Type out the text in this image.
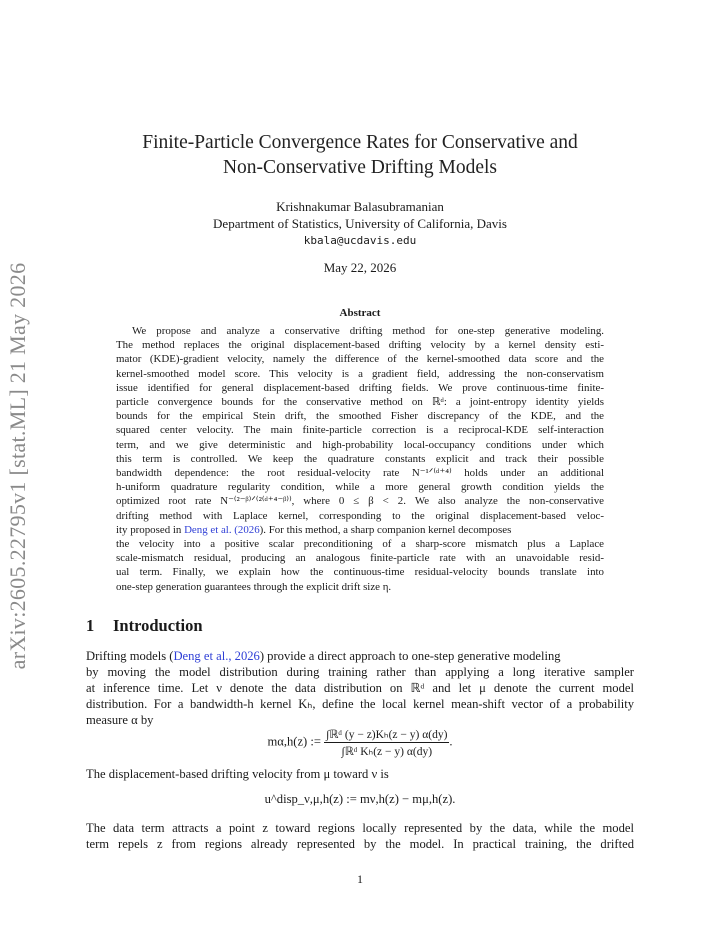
arXiv:2605.22795v1 [stat.ML] 21 May 2026
Finite-Particle Convergence Rates for Conservative and
Non-Conservative Drifting Models
Krishnakumar Balasubramanian
Department of Statistics, University of California, Davis
kbala@ucdavis.edu
May 22, 2026
Abstract
We propose and analyze a conservative drifting method for one-step generative modeling.
The method replaces the original displacement-based drifting velocity by a kernel density esti-
mator (KDE)-gradient velocity, namely the difference of the kernel-smoothed data score and the
kernel-smoothed model score. This velocity is a gradient field, addressing the non-conservatism
issue identified for general displacement-based drifting fields. We prove continuous-time finite-
particle convergence bounds for the conservative method on ℝᵈ: a joint-entropy identity yields
bounds for the empirical Stein drift, the smoothed Fisher discrepancy of the KDE, and the
squared center velocity. The main finite-particle correction is a reciprocal-KDE self-interaction
term, and we give deterministic and high-probability local-occupancy conditions under which
this term is controlled. We keep the quadrature constants explicit and track their possible
bandwidth dependence: the root residual-velocity rate N⁻¹ᐟ⁽ᵈ⁺⁴⁾ holds under an additional
h-uniform quadrature regularity condition, while a more general growth condition yields the
optimized root rate N⁻⁽²⁻ᵝ⁾ᐟ⁽²⁽ᵈ⁺⁴⁻ᵝ⁾⁾, where 0 ≤ β < 2. We also analyze the non-conservative
drifting method with Laplace kernel, corresponding to the original displacement-based veloc-
ity proposed in Deng et al. (2026). For this method, a sharp companion kernel decomposes
the velocity into a positive scalar preconditioning of a sharp-score mismatch plus a Laplace
scale-mismatch residual, producing an analogous finite-particle rate with an unavoidable resid-
ual term. Finally, we explain how the continuous-time residual-velocity bounds translate into
one-step generation guarantees through the explicit drift size η.
1 Introduction
Drifting models (Deng et al., 2026) provide a direct approach to one-step generative modeling
by moving the model distribution during training rather than applying a long iterative sampler
at inference time. Let ν denote the data distribution on ℝᵈ and let μ denote the current model
distribution. For a bandwidth-h kernel Kₕ, define the local kernel mean-shift vector of a probability
measure α by
mα,h(z) := $\frac{\text{∫ℝᵈ (y − z)Kₕ(z − y) α(dy)}}{\text{∫ℝᵈ Kₕ(z − y) α(dy)}}$ .
The displacement-based drifting velocity from μ toward ν is
u^disp_ν,μ,h(z) := mν,h(z) − mμ,h(z).
The data term attracts a point z toward regions locally represented by the data, while the model
term repels z from regions already represented by the model. In practical training, the drifted
1
